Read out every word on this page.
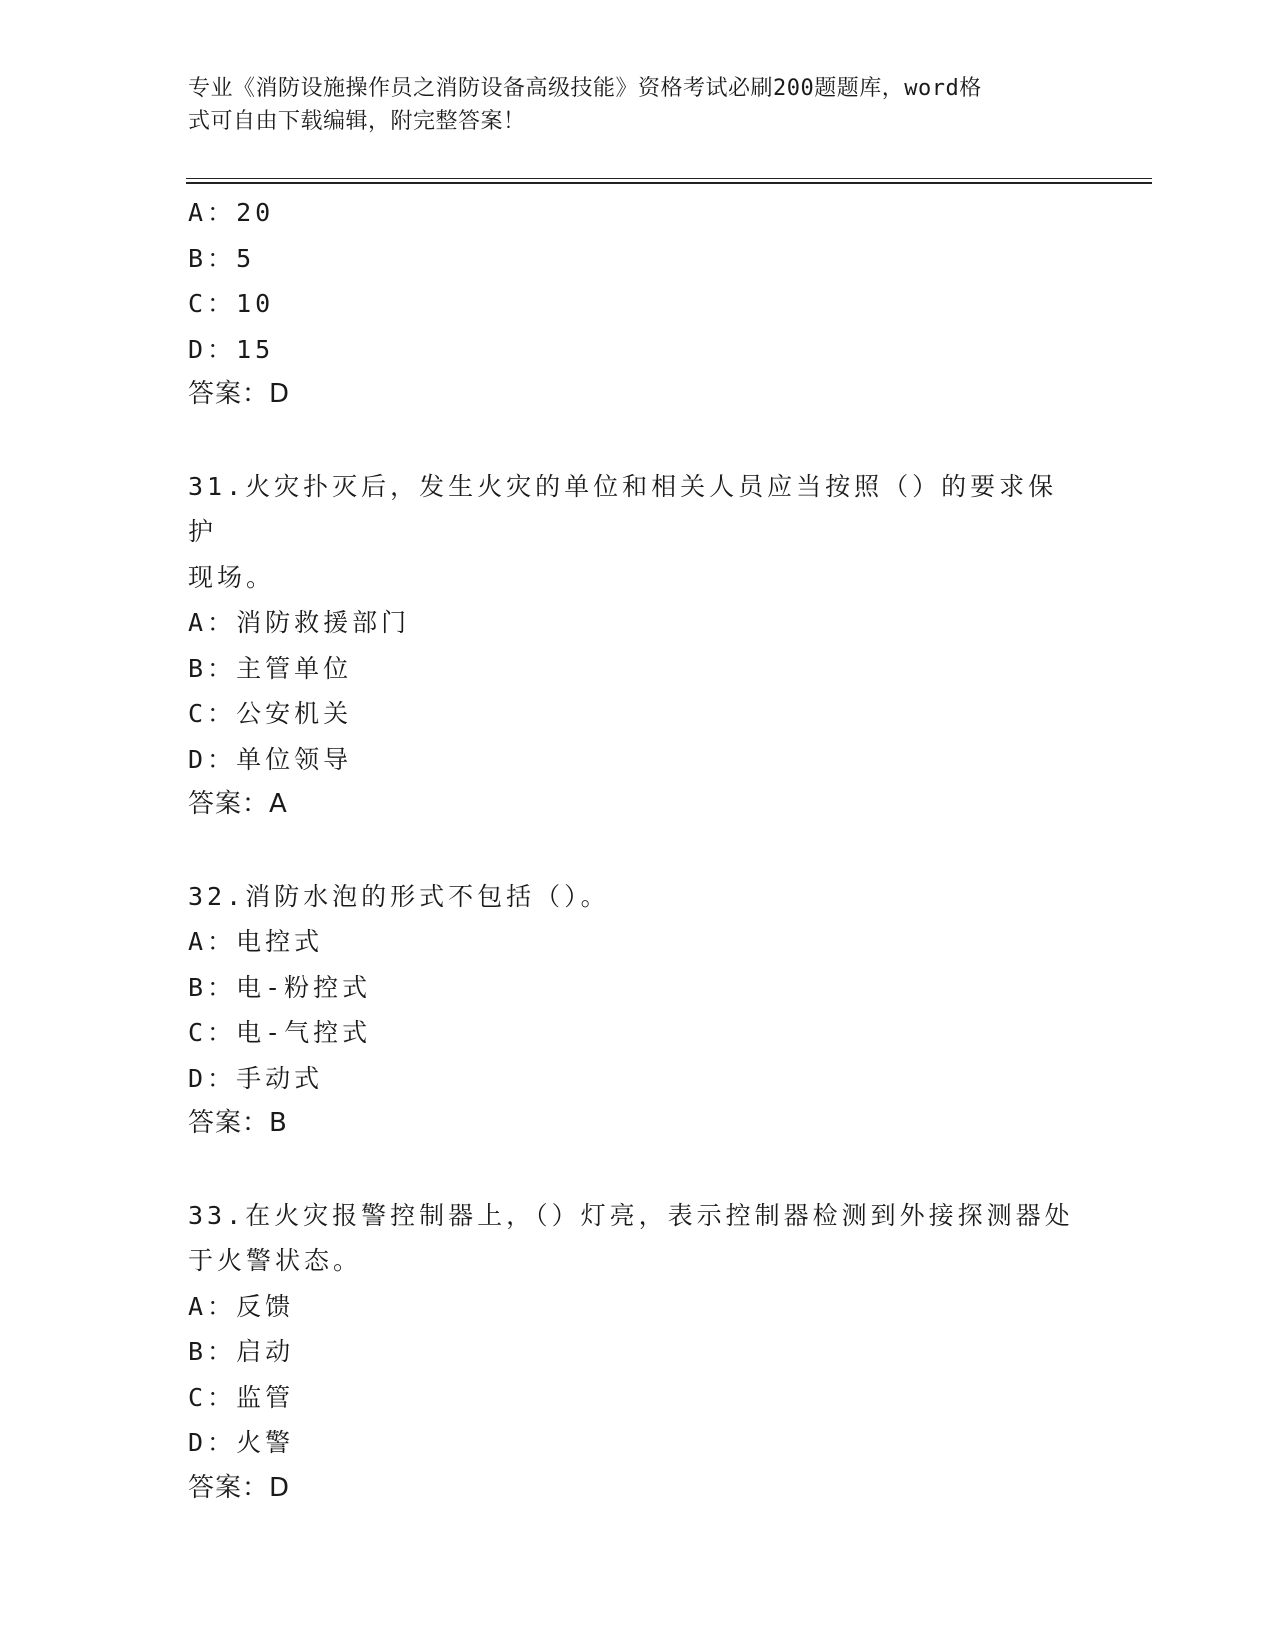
专业《消防设施操作员之消防设备高级技能》资格考试必刷200题题库，word格
式可自由下载编辑，附完整答案！
A：20
B：5
C：10
D：15
答案：D
31.火灾扑灭后，发生火灾的单位和相关人员应当按照（）的要求保护
现场。
A：消防救援部门
B：主管单位
C：公安机关
D：单位领导
答案：A
32.消防水泡的形式不包括（）。
A：电控式
B：电-粉控式
C：电-气控式
D：手动式
答案：B
33.在火灾报警控制器上，（）灯亮，表示控制器检测到外接探测器处
于火警状态。
A：反馈
B：启动
C：监管
D：火警
答案：D
